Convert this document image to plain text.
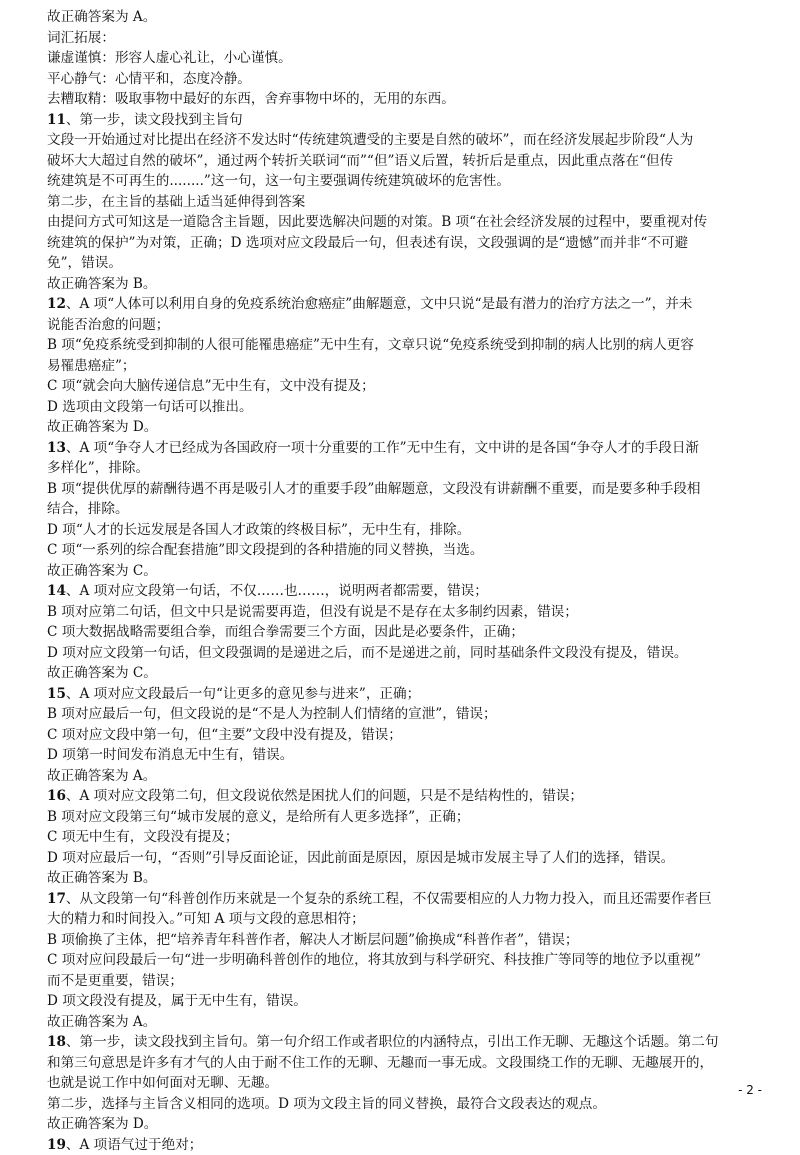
故正确答案为 A。
词汇拓展：
谦虚谨慎：形容人虚心礼让，小心谨慎。
平心静气：心情平和，态度冷静。
去糟取精：吸取事物中最好的东西，舍弃事物中坏的，无用的东西。
11、第一步，读文段找到主旨句
文段一开始通过对比提出在经济不发达时“传统建筑遭受的主要是自然的破坏”，而在经济发展起步阶段“人为
破坏大大超过自然的破坏”，通过两个转折关联词“而”“但”语义后置，转折后是重点，因此重点落在“但传
统建筑是不可再生的........”这一句，这一句主要强调传统建筑破坏的危害性。
第二步，在主旨的基础上适当延伸得到答案
由提问方式可知这是一道隐含主旨题，因此要选解决问题的对策。B 项“在社会经济发展的过程中，要重视对传
统建筑的保护”为对策，正确；D 选项对应文段最后一句，但表述有误，文段强调的是“遗憾”而并非“不可避
免”，错误。
故正确答案为 B。
12、A 项“人体可以利用自身的免疫系统治愈癌症”曲解题意，文中只说“是最有潜力的治疗方法之一”，并未
说能否治愈的问题；
B 项“免疫系统受到抑制的人很可能罹患癌症”无中生有，文章只说“免疫系统受到抑制的病人比别的病人更容
易罹患癌症”；
C 项“就会向大脑传递信息”无中生有，文中没有提及；
D 选项由文段第一句话可以推出。
故正确答案为 D。
13、A 项“争夺人才已经成为各国政府一项十分重要的工作”无中生有，文中讲的是各国“争夺人才的手段日渐
多样化”，排除。
B 项“提供优厚的薪酬待遇不再是吸引人才的重要手段”曲解题意，文段没有讲薪酬不重要，而是要多种手段相
结合，排除。
D 项“人才的长远发展是各国人才政策的终极目标”，无中生有，排除。
C 项“一系列的综合配套措施”即文段提到的各种措施的同义替换，当选。
故正确答案为 C。
14、A 项对应文段第一句话，不仅……也……，说明两者都需要，错误；
B 项对应第二句话，但文中只是说需要再造，但没有说是不是存在太多制约因素，错误；
C 项大数据战略需要组合拳，而组合拳需要三个方面，因此是必要条件，正确；
D 项对应文段第一句话，但文段强调的是递进之后，而不是递进之前，同时基础条件文段没有提及，错误。
故正确答案为 C。
15、A 项对应文段最后一句“让更多的意见参与进来”，正确；
B 项对应最后一句，但文段说的是“不是人为控制人们情绪的宣泄”，错误；
C 项对应文段中第一句，但“主要”文段中没有提及，错误；
D 项第一时间发布消息无中生有，错误。
故正确答案为 A。
16、A 项对应文段第二句，但文段说依然是困扰人们的问题，只是不是结构性的，错误；
B 项对应文段第三句“城市发展的意义，是给所有人更多选择”，正确；
C 项无中生有，文段没有提及；
D 项对应最后一句，“否则”引导反面论证，因此前面是原因，原因是城市发展主导了人们的选择，错误。
故正确答案为 B。
17、从文段第一句“科普创作历来就是一个复杂的系统工程，不仅需要相应的人力物力投入，而且还需要作者巨
大的精力和时间投入。”可知 A 项与文段的意思相符；
B 项偷换了主体，把“培养青年科普作者，解决人才断层问题”偷换成“科普作者”，错误；
C 项对应问段最后一句“进一步明确科普创作的地位，将其放到与科学研究、科技推广等同等的地位予以重视”
而不是更重要，错误；
D 项文段没有提及，属于无中生有，错误。
故正确答案为 A。
18、第一步，读文段找到主旨句。第一句介绍工作或者职位的内涵特点，引出工作无聊、无趣这个话题。第二句
和第三句意思是许多有才气的人由于耐不住工作的无聊、无趣而一事无成。文段围绕工作的无聊、无趣展开的，
也就是说工作中如何面对无聊、无趣。
第二步，选择与主旨含义相同的选项。D 项为文段主旨的同义替换，最符合文段表达的观点。
故正确答案为 D。
19、A 项语气过于绝对；
- 2 -
